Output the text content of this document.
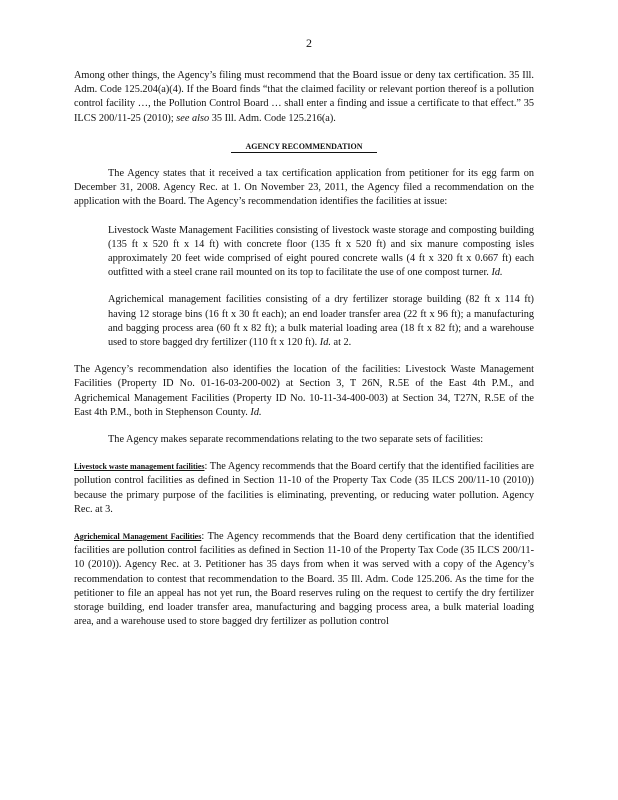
2

Among other things, the Agency’s filing must recommend that the Board issue or deny tax certification. 35 Ill. Adm. Code 125.204(a)(4). If the Board finds “that the claimed facility or relevant portion thereof is a pollution control facility …, the Pollution Control Board … shall enter a finding and issue a certificate to that effect.” 35 ILCS 200/11-25 (2010); see also 35 Ill. Adm. Code 125.216(a).

AGENCY RECOMMENDATION

The Agency states that it received a tax certification application from petitioner for its egg farm on December 31, 2008. Agency Rec. at 1. On November 23, 2011, the Agency filed a recommendation on the application with the Board. The Agency’s recommendation identifies the facilities at issue:

Livestock Waste Management Facilities consisting of livestock waste storage and composting building (135 ft x 520 ft x 14 ft) with concrete floor (135 ft x 520 ft) and six manure composting isles approximately 20 feet wide comprised of eight poured concrete walls (4 ft x 320 ft x 0.667 ft) each outfitted with a steel crane rail mounted on its top to facilitate the use of one compost turner. Id.

Agrichemical management facilities consisting of a dry fertilizer storage building (82 ft x 114 ft) having 12 storage bins (16 ft x 30 ft each); an end loader transfer area (22 ft x 96 ft); a manufacturing and bagging process area (60 ft x 82 ft); a bulk material loading area (18 ft x 82 ft); and a warehouse used to store bagged dry fertilizer (110 ft x 120 ft). Id. at 2.

The Agency’s recommendation also identifies the location of the facilities: Livestock Waste Management Facilities (Property ID No. 01-16-03-200-002) at Section 3, T 26N, R.5E of the East 4th P.M., and Agrichemical Management Facilities (Property ID No. 10-11-34-400-003) at Section 34, T27N, R.5E of the East 4th P.M., both in Stephenson County. Id.

The Agency makes separate recommendations relating to the two separate sets of facilities:

Livestock waste management facilities: The Agency recommends that the Board certify that the identified facilities are pollution control facilities as defined in Section 11-10 of the Property Tax Code (35 ILCS 200/11-10 (2010)) because the primary purpose of the facilities is eliminating, preventing, or reducing water pollution. Agency Rec. at 3.

Agrichemical Management Facilities: The Agency recommends that the Board deny certification that the identified facilities are pollution control facilities as defined in Section 11-10 of the Property Tax Code (35 ILCS 200/11-10 (2010)). Agency Rec. at 3. Petitioner has 35 days from when it was served with a copy of the Agency’s recommendation to contest that recommendation to the Board. 35 Ill. Adm. Code 125.206. As the time for the petitioner to file an appeal has not yet run, the Board reserves ruling on the request to certify the dry fertilizer storage building, end loader transfer area, manufacturing and bagging process area, a bulk material loading area, and a warehouse used to store bagged dry fertilizer as pollution control
